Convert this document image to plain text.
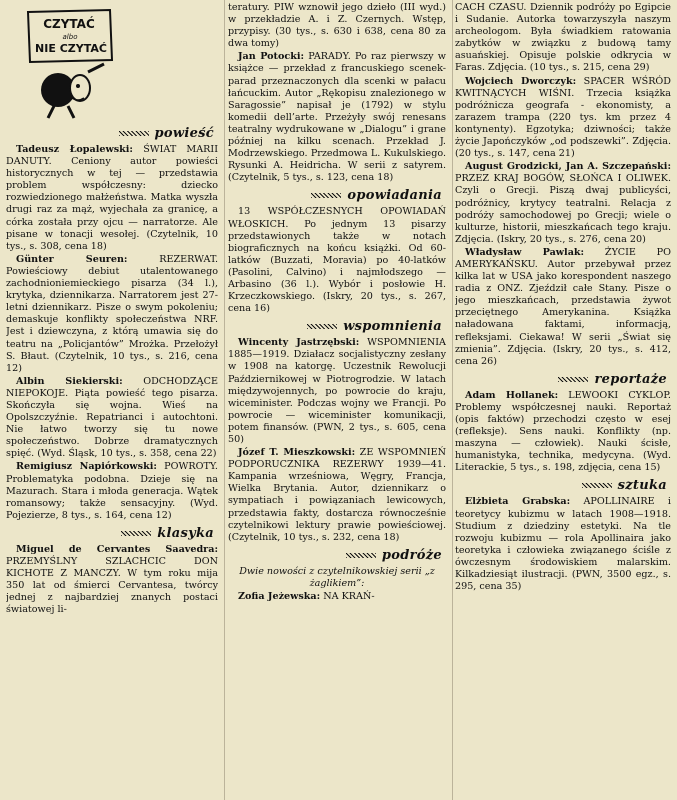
CZYTAĆ
albo
NIE CZYTAĆ
powieść

Tadeusz Łopalewski: ŚWIAT MARII DANUTY. Ceniony autor powieści historycznych w tej — przedstawia problem współczesny: dziecko rozwiedzionego małżeństwa. Matka wyszła drugi raz za mąż, wyjechała za granicę, a córka została przy ojcu — narratorze. Ale pisane w tonacji wesołej. (Czytelnik, 10 tys., s. 308, cena 18)

Günter Seuren:	REZERWAT. Powieściowy debiut utalentowanego zachodnioniemieckiego pisarza (34 l.), krytyka, dziennikarza. Narratorem jest 27-letni dziennikarz. Pisze o swym pokoleniu; demaskuje konflikty społeczeństwa NRF. Jest i dziewczyna, z którą umawia się do teatru na „Policjantów” Mrożka. Przełożył S. Błaut. (Czytelnik, 10 tys., s. 216, cena 12)

Albin Siekierski: ODCHODZĄCE NIEPOKOJE. Piąta powieść tego pisarza. Skończyła się wojna. Wieś na Opolszczyźnie. Repatrianci i autochtoni. Nie łatwo tworzy się tu nowe społeczeństwo. Dobrze dramatycznych spięć. (Wyd. Śląsk, 10 tys., s. 358, cena 22)

Remigiusz Napiórkowski: POWROTY. Problematyka podobna. Dzieje się na Mazurach. Stara i młoda generacja. Wątek romansowy; także sensacyjny. (Wyd. Pojezierze, 8 tys., s. 164, cena 12)

klasyka

Miguel de Cervantes Saavedra: PRZEMYŚLNY SZLACHCIC DON KICHOTE Z MANCZY. W tym roku mija 350 lat od śmierci Cervantesa, twórcy jednej z najbardziej znanych postaci światowej li-

teratury. PIW wznowił jego dzieło (III wyd.) w przekładzie A. i Z. Czernych. Wstęp, przypisy. (30 tys., s. 630 i 638, cena 80 za dwa tomy)

Jan Potocki: PARADY. Po raz pierwszy w książce — przekład z francuskiego scenek-parad przeznaczonych dla scenki w pałacu łańcuckim. Autor „Rękopisu znalezionego w Saragossie” napisał je (1792) w stylu komedii dell’arte. Przeżyły swój renesans teatralny wydrukowane w „Dialogu” i grane później na kilku scenach. Przekład J. Modrzewskiego. Przedmowa L. Kukulskiego. Rysunki A. Heidricha. W serii z satyrem. (Czytelnik, 5 tys., s. 123, cena 18)

opowiadania

13 WSPÓŁCZESNYCH OPOWIADAŃ WŁOSKICH. Po jednym 13 pisarzy przedstawionych także w notach biograficznych na końcu książki. Od 60-latków (Buzzati, Moravia) po 40-latków (Pasolini, Calvino) i najmłodszego — Arbasino (36 l.). Wybór i posłowie H. Krzeczkowskiego. (Iskry, 20 tys., s. 267, cena 16)

wspomnienia

Wincenty Jastrzębski: WSPOMNIENIA 1885—1919. Działacz socjalistyczny zesłany w 1908 na katorgę. Uczestnik Rewolucji Październikowej w Piotrogrodzie. W latach międzywojennych, po powrocie do kraju, wiceminister. Podczas wojny we Francji. Po powrocie — wiceminister komunikacji, potem finansów. (PWN, 2 tys., s. 605, cena 50)

Józef T. Mieszkowski: ZE WSPOMNIEŃ PODPORUCZNIKA REZERWY 1939—41. Kampania wrześniowa, Węgry, Francja, Wielka Brytania. Autor, dziennikarz o sympatiach i powiązaniach lewicowych, przedstawia fakty, dostarcza równocześnie czytelnikowi lektury prawie powieściowej. (Czytelnik, 10 tys., s. 232, cena 18)

podróże

Dwie nowości z czytelnikowskiej serii „z żaglikiem”:

Zofia Jeżewska: NA KRAŃ-

CACH CZASU. Dziennik podróży po Egipcie i Sudanie. Autorka towarzyszyła naszym archeologom. Była świadkiem ratowania zabytków w związku z budową tamy asuańskiej. Opisuje polskie odkrycia w Faras. Zdjęcia. (10 tys., s. 215, cena 29)

Wojciech Dworczyk: SPACER WŚRÓD KWITNĄCYCH WIŚNI. Trzecia książka podróżnicza geografa - ekonomisty, a zarazem trampa (220 tys. km przez 4 kontynenty). Egzotyka; dziwności; także życie Japończyków „od podszewki”. Zdjęcia. (20 tys., s. 147, cena 21)

August Grodzicki, Jan A. Szczepański: PRZEZ KRAJ BOGÓW, SŁOŃCA I OLIWEK. Czyli o Grecji. Piszą dwaj publicyści, podróżnicy, krytycy teatralni. Relacja z podróży samochodowej po Grecji; wiele o kulturze, historii, mieszkańcach tego kraju. Zdjęcia. (Iskry, 20 tys., s. 276, cena 20)

Władysław Pawlak: ŻYCIE PO AMERYKAŃSKU. Autor przebywał przez kilka lat w USA jako korespondent naszego radia z ONZ. Zjeździł całe Stany. Pisze o jego mieszkańcach, przedstawia żywot przeciętnego Amerykanina. Książka naładowana faktami, informacją, refleksjami. Ciekawa! W serii „Świat się zmienia”. Zdjęcia. (Iskry, 20 tys., s. 412, cena 26)

reportaże

Adam Hollanek: LEWOOKI CYKLOP. Problemy współczesnej nauki. Reportaż (opis faktów) przechodzi często w esej (refleksje). Sens nauki. Konflikty (np. maszyna — człowiek). Nauki ścisłe, humanistyka, technika, medycyna. (Wyd. Literackie, 5 tys., s. 198, zdjęcia, cena 15)

sztuka

Elżbieta Grabska: APOLLINAIRE i teoretycy kubizmu w latach 1908—1918. Studium z dziedziny estetyki. Na tle rozwoju kubizmu — rola Apollinaira jako teoretyka i człowieka związanego ściśle z ówczesnym środowiskiem malarskim. Kilkadziesiąt ilustracji. (PWN, 3500 egz., s. 295, cena 35)
